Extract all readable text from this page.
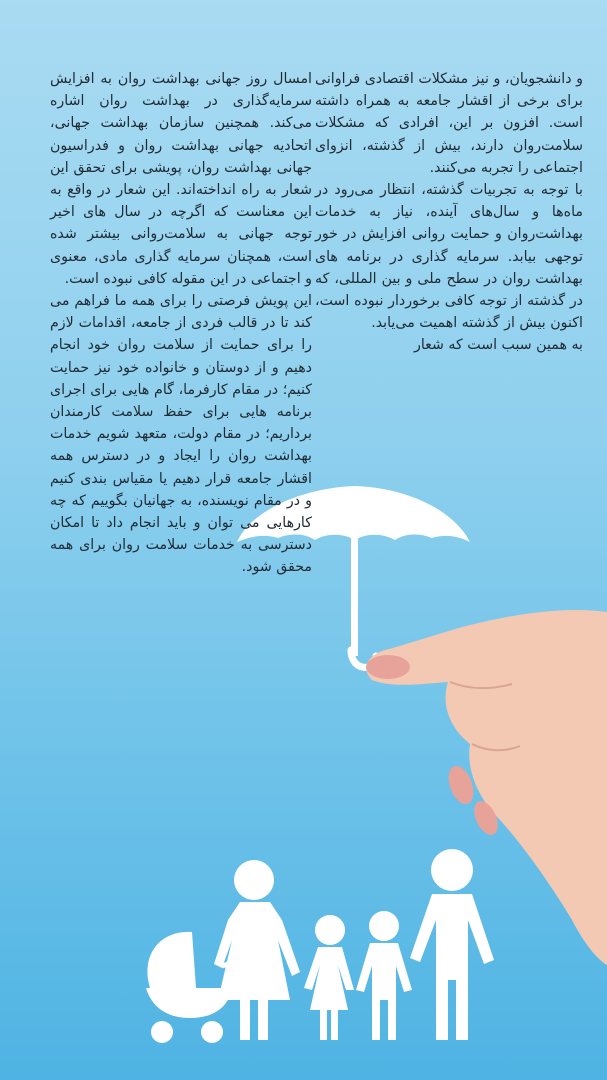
و دانشجویان، و نیز مشکلات اقتصادی فراوانی برای برخی از اقشار جامعه به همراه داشته است. افزون بر این، افرادی که مشکلات سلامت‌روان دارند، بیش از گذشته، انزوای اجتماعی را تجربه می‌کنند.

با توجه به تجربیات گذشته، انتظار می‌رود در ماه‌ها و سال‌های آینده، نیاز به خدمات بهداشت‌روان و حمایت روانی افزایش در خور توجهی بیابد. سرمایه گذاری در برنامه های بهداشت روان در سطح ملی و بین المللی، که در گذشته از توجه کافی برخوردار نبوده است، اکنون بیش از گذشته اهمیت می‌یابد.

به همین سبب است که شعار

امسال روز جهانی بهداشت روان به افزایش سرمایه‌گذاری در بهداشت روان اشاره می‌کند. همچنین سازمان بهداشت جهانی، اتحادیه جهانی بهداشت روان و فدراسیون جهانی بهداشت روان، پویشی برای تحقق این شعار به راه انداخته‌اند. این شعار در واقع به این معناست که اگرچه در سال های اخیر توجه جهانی به سلامت‌روانی بیشتر شده است، همچنان سرمایه گذاری مادی، معنوی و اجتماعی در این مقوله کافی نبوده است.

این پویش فرصتی را برای همه ما فراهم می کند تا در قالب فردی از جامعه، اقدامات لازم را برای حمایت از سلامت روان خود انجام دهیم و از دوستان و خانواده خود نیز حمایت کنیم؛ در مقام کارفرما، گام هایی برای اجرای برنامه هایی برای حفظ سلامت کارمندان برداریم؛ در مقام دولت، متعهد شویم خدمات بهداشت روان را ایجاد و در دسترس همه اقشار جامعه قرار دهیم یا مقیاس بندی کنیم و در مقام نویسنده، به جهانیان بگوییم که چه کارهایی می توان و باید انجام داد تا امکان دسترسی به خدمات سلامت روان برای همه محقق شود.
